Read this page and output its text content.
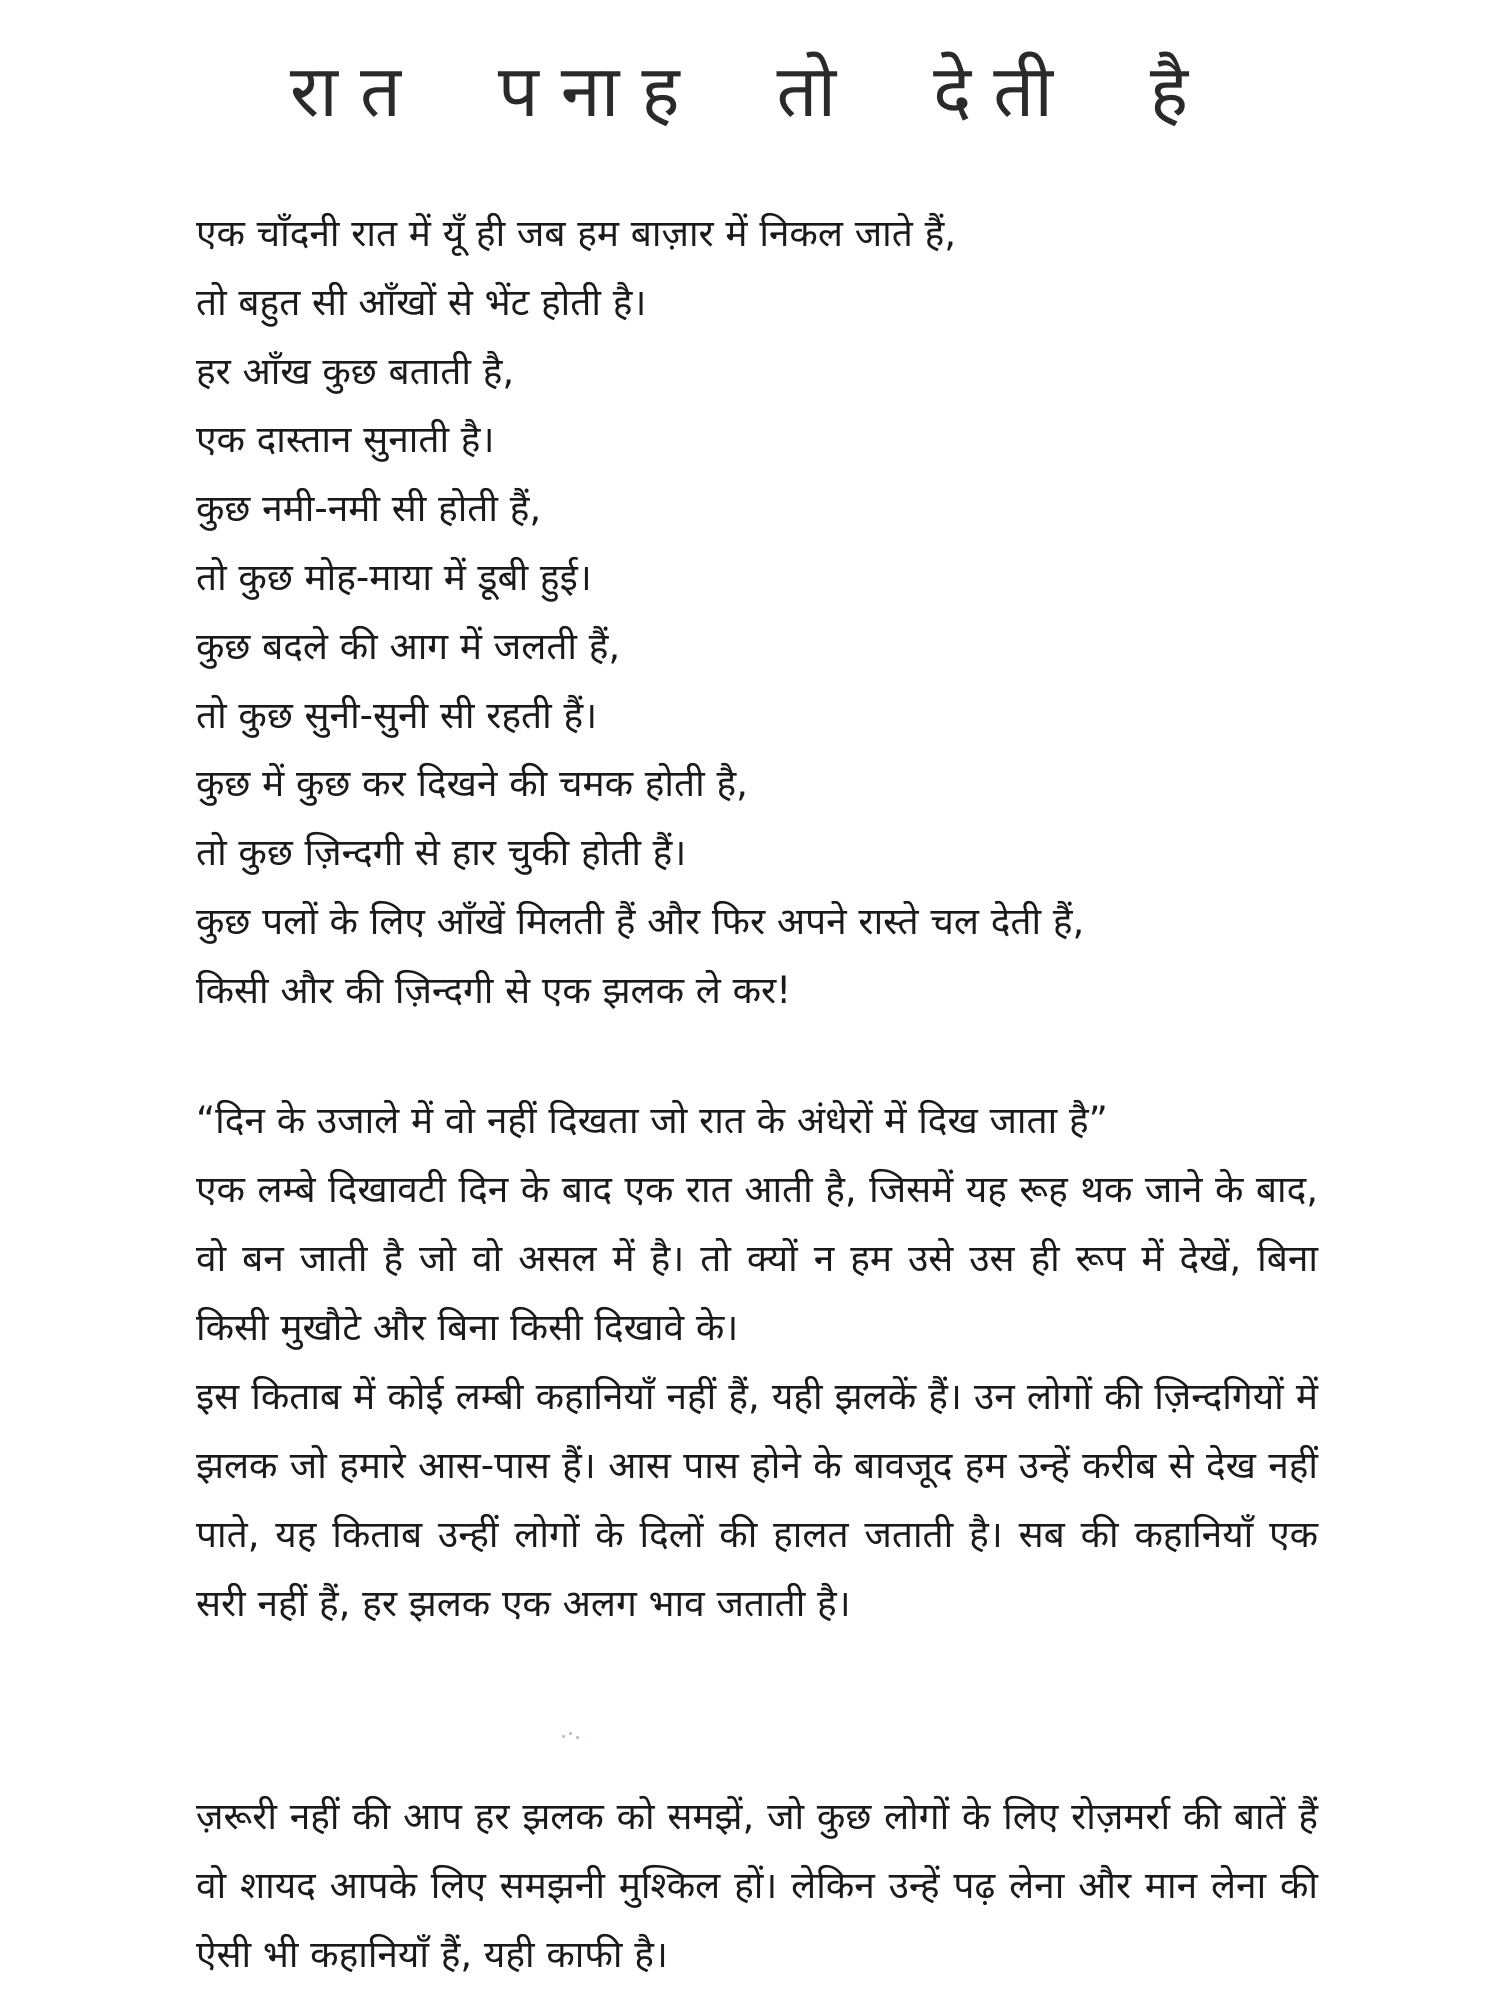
रात पनाह तो देती है
एक चाँदनी रात में यूँ ही जब हम बाज़ार में निकल जाते हैं,
तो बहुत सी आँखों से भेंट होती है।
हर आँख कुछ बताती है,
एक दास्तान सुनाती है।
कुछ नमी-नमी सी होती हैं,
तो कुछ मोह-माया में डूबी हुई।
कुछ बदले की आग में जलती हैं,
तो कुछ सुनी-सुनी सी रहती हैं।
कुछ में कुछ कर दिखने की चमक होती है,
तो कुछ ज़िन्दगी से हार चुकी होती हैं।
कुछ पलों के लिए आँखें मिलती हैं और फिर अपने रास्ते चल देती हैं,
किसी और की ज़िन्दगी से एक झलक ले कर!

“दिन के उजाले में वो नहीं दिखता जो रात के अंधेरों में दिख जाता है”

एक लम्बे दिखावटी दिन के बाद एक रात आती है, जिसमें यह रूह थक जाने के बाद, वो बन जाती है जो वो असल में है। तो क्यों न हम उसे उस ही रूप में देखें, बिना किसी मुखौटे और बिना किसी दिखावे के।

इस किताब में कोई लम्बी कहानियाँ नहीं हैं, यही झलकें हैं। उन लोगों की ज़िन्दगियों में झलक जो हमारे आस-पास हैं। आस पास होने के बावजूद हम उन्हें करीब से देख नहीं पाते, यह किताब उन्हीं लोगों के दिलों की हालत जताती है। सब की कहानियाँ एक सरी नहीं हैं, हर झलक एक अलग भाव जताती है।

ज़रूरी नहीं की आप हर झलक को समझें, जो कुछ लोगों के लिए रोज़मर्रा की बातें हैं वो शायद आपके लिए समझनी मुश्किल हों। लेकिन उन्हें पढ़ लेना और मान लेना की ऐसी भी कहानियाँ हैं, यही काफी है।
